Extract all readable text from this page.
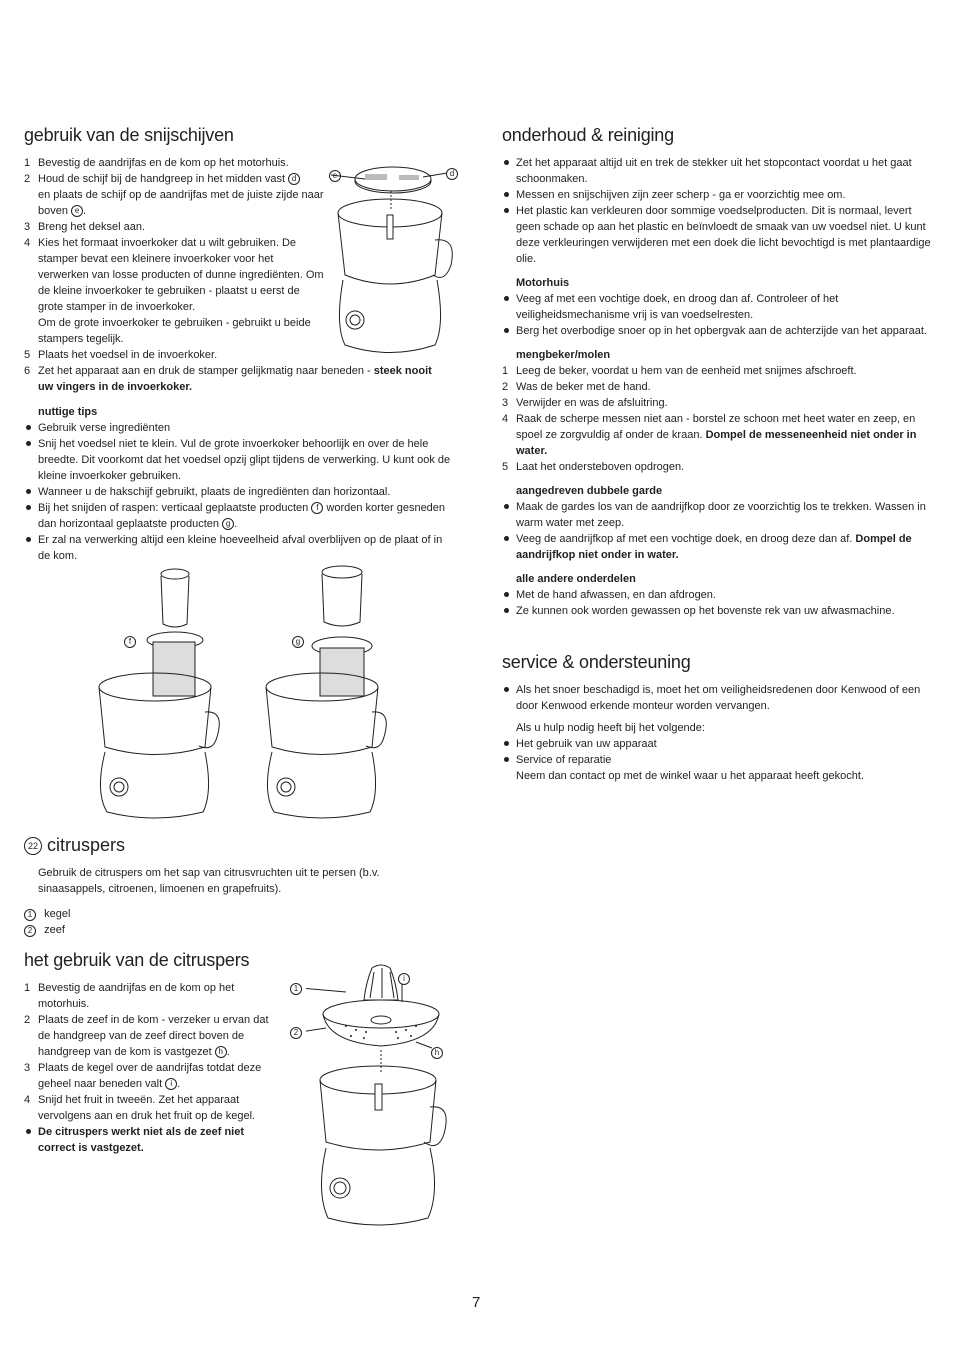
gebruik van de snijschijven
1 Bevestig de aandrijfas en de kom op het motorhuis.
2 Houd de schijf bij de handgreep in het midden vast d
en plaats de schijf op de aandrijfas met de juiste zijde naar boven e .
3 Breng het deksel aan.
4 Kies het formaat invoerkoker dat u wilt gebruiken. De stamper bevat een kleinere invoerkoker voor het verwerken van losse producten of dunne ingrediënten. Om de kleine invoerkoker te gebruiken - plaatst u eerst de grote stamper in de invoerkoker.
Om de grote invoerkoker te gebruiken - gebruikt u beide stampers tegelijk.
5 Plaats het voedsel in de invoerkoker.
6 Zet het apparaat aan en druk de stamper gelijkmatig naar beneden - steek nooit uw vingers in de invoerkoker.
nuttige tips
Gebruik verse ingrediënten
Snij het voedsel niet te klein. Vul de grote invoerkoker behoorlijk en over de hele breedte. Dit voorkomt dat het voedsel opzij glipt tijdens de verwerking. U kunt ook de kleine invoerkoker gebruiken.
Wanneer u de hakschijf gebruikt, plaats de ingrediënten dan horizontaal.
Bij het snijden of raspen: verticaal geplaatste producten f worden korter gesneden dan horizontaal geplaatste producten g .
Er zal na verwerking altijd een kleine hoeveelheid afval overblijven op de plaat of in de kom.
e	d
f	g
22 citruspers
Gebruik de citruspers om het sap van citrusvruchten uit te persen (b.v. sinaasappels, citroenen, limoenen en grapefruits).
1	kegel
2	zeef
het gebruik van de citruspers
1 Bevestig de aandrijfas en de kom op het motorhuis.
2 Plaats de zeef in de kom - verzeker u ervan dat de handgreep van de zeef direct boven de handgreep van de kom is vastgezet h .
3 Plaats de kegel over de aandrijfas totdat deze geheel naar beneden valt i .
4 Snijd het fruit in tweeën. Zet het apparaat vervolgens aan en druk het fruit op de kegel.
De citruspers werkt niet als de zeef niet correct is vastgezet.
1
2
i
h
onderhoud & reiniging
Zet het apparaat altijd uit en trek de stekker uit het stopcontact voordat u het gaat schoonmaken.
Messen en snijschijven zijn zeer scherp - ga er voorzichtig mee om.
Het plastic kan verkleuren door sommige voedselproducten. Dit is normaal, levert geen schade op aan het plastic en beïnvloedt de smaak van uw voedsel niet. U kunt deze verkleuringen verwijderen met een doek die licht bevochtigd is met plantaardige olie.
Motorhuis
Veeg af met een vochtige doek, en droog dan af. Controleer of het veiligheidsmechanisme vrij is van voedselresten.
Berg het overbodige snoer op in het opbergvak aan de achterzijde van het apparaat.
mengbeker/molen
1 Leeg de beker, voordat u hem van de eenheid met snijmes afschroeft.
2 Was de beker met de hand.
3 Verwijder en was de afsluitring.
4 Raak de scherpe messen niet aan - borstel ze schoon met heet water en zeep, en spoel ze zorgvuldig af onder de kraan. Dompel de messeneenheid niet onder in water.
5 Laat het ondersteboven opdrogen.
aangedreven dubbele garde
Maak de gardes los van de aandrijfkop door ze voorzichtig los te trekken. Wassen in warm water met zeep.
Veeg de aandrijfkop af met een vochtige doek, en droog deze dan af. Dompel de aandrijfkop niet onder in water.
alle andere onderdelen
Met de hand afwassen, en dan afdrogen.
Ze kunnen ook worden gewassen op het bovenste rek van uw afwasmachine.
service & ondersteuning
Als het snoer beschadigd is, moet het om veiligheidsredenen door Kenwood of een door Kenwood erkende monteur worden vervangen.
Als u hulp nodig heeft bij het volgende:
Het gebruik van uw apparaat
Service of reparatie
Neem dan contact op met de winkel waar u het apparaat heeft gekocht.
7
